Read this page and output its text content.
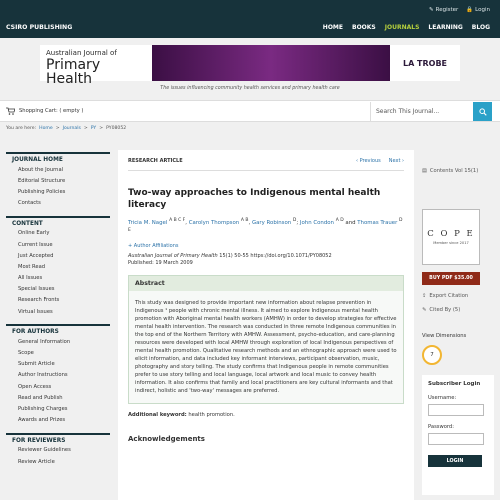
CSIRO PUBLISHING
✎ Register 🔒 Login
HOME BOOKS JOURNALS LEARNING BLOG
Australian Journal of
Primary Health
LA TROBE
The issues influencing community health services and primary health care
Shopping Cart: ( empty )	Search This Journal...
You are here: Home > Journals > PY > PY08052
JOURNAL HOME
About the Journal
Editorial Structure
Publishing Policies
Contacts
CONTENT
Online Early
Current Issue
Just Accepted
Most Read
All Issues
Special Issues
Research Fronts
Virtual Issues
FOR AUTHORS
General Information
Scope
Submit Article
Author Instructions
Open Access
Read and Publish
Publishing Charges
Awards and Prizes
FOR REVIEWERS
Reviewer Guidelines
Review Article
RESEARCH ARTICLE	‹ Previous Next ›
Two-way approaches to Indigenous mental health literacy
Tricia M. Nagel $^{A B C F}$, Carolyn Thompson $^{A B}$, Gary Robinson $^D$; John Condon $^{A D}$ and Thomas Trauer $^{D E}$
+ Author Affiliations
Australian Journal of Primary Health 15(1) 50-55 https://doi.org/10.1071/PY08052
Published: 19 March 2009
Abstract
This study was designed to provide important new information about relapse prevention in Indigenous ¹ people with chronic mental illness. It aimed to explore Indigenous mental health promotion with Aboriginal mental health workers (AMHW) in order to develop strategies for effective mental health intervention. The research was conducted in three remote Indigenous communities in the top end of the Northern Territory with AMHW. Assessment, psycho-education, and care-planning resources were developed with local AMHW through exploration of local Indigenous perspectives of mental health promotion. Qualitative research methods and an ethnographic approach were used to elicit information, and data included key informant interviews, participant observation, music, photography and story telling. The study confirms that Indigenous people in remote communities prefer to use story telling and local language, local artwork and local music to convey health information. It also confirms that family and local practitioners are key cultural informants and that indirect, holistic and 'two-way' messages are preferred.
Additional keyword: health promotion.
Acknowledgements
▤ Contents Vol 15(1)
C O P E
Member since 2017
BUY PDF $35.00
⇪ Export Citation
✎ Cited By (5)
View Dimensions
7
Subscriber Login
Username:
Password:
LOGIN
